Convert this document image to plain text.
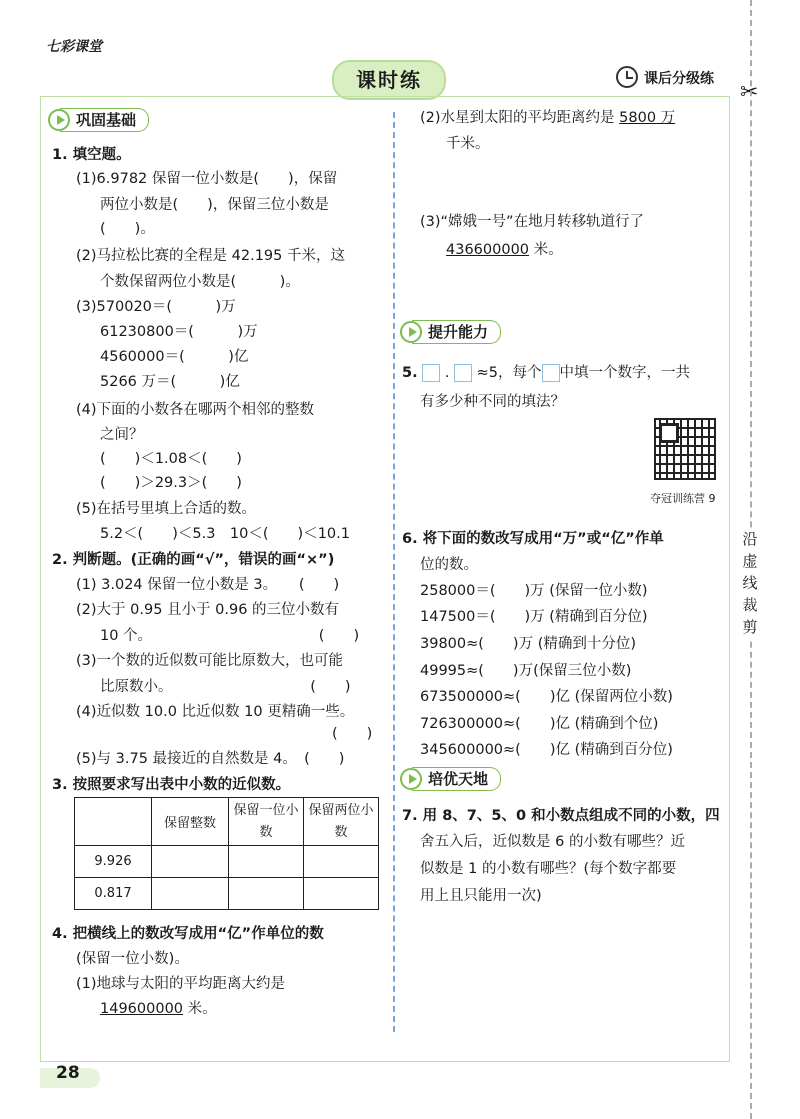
七彩课堂
课时练	课后分级练
✂
沿
虚
线
裁
剪
巩固基础
1. 填空题。
(1)6.9782 保留一位小数是(　　)，保留
两位小数是(　　)，保留三位小数是
(　　)。
(2)马拉松比赛的全程是 42.195 千米，这
个数保留两位小数是(　　　)。
(3)570020＝(　　　)万
61230800＝(　　　)万
4560000＝(　　　)亿
5266 万＝(　　　)亿
(4)下面的小数各在哪两个相邻的整数
之间？
(　　)＜1.08＜(　　)
(　　)＞29.3＞(　　)
(5)在括号里填上合适的数。
5.2＜(　　)＜5.3　10＜(　　)＜10.1
2. 判断题。(正确的画“√”，错误的画“×”)
(1) 3.024 保留一位小数是 3。　　(　　)
(2)大于 0.95 且小于 0.96 的三位小数有
10 个。　　　　　　　　　　　　(　　)
(3)一个数的近似数可能比原数大，也可能
比原数小。　　　　　　　　　　(　　)
(4)近似数 10.0 比近似数 10 更精确一些。
(　　)
(5)与 3.75 最接近的自然数是 4。　(　　)
3. 按照要求写出表中小数的近似数。
	保留整数	保留一位小数	保留两位小数
9.926			
0.817			
4. 把横线上的数改写成用“亿”作单位的数
(保留一位小数)。
(1)地球与太阳的平均距离大约是
149600000 米。
(2)水星到太阳的平均距离约是 5800 万
千米。
(3)“嫦娥一号”在地月转移轨道行了
436600000 米。
提升能力
5. . ≈5，每个 中填一个数字，一共
有多少种不同的填法？
夺冠训练营 9
6. 将下面的数改写成用“万”或“亿”作单
位的数。
258000＝(　　)万 (保留一位小数)
147500＝(　　)万 (精确到百分位)
39800≈(　　)万 (精确到十分位)
49995≈(　　)万(保留三位小数)
673500000≈(　　)亿 (保留两位小数)
726300000≈(　　)亿 (精确到个位)
345600000≈(　　)亿 (精确到百分位)
培优天地
7. 用 8、7、5、0 和小数点组成不同的小数，四
舍五入后，近似数是 6 的小数有哪些？近
似数是 1 的小数有哪些？(每个数字都要
用上且只能用一次)
28
